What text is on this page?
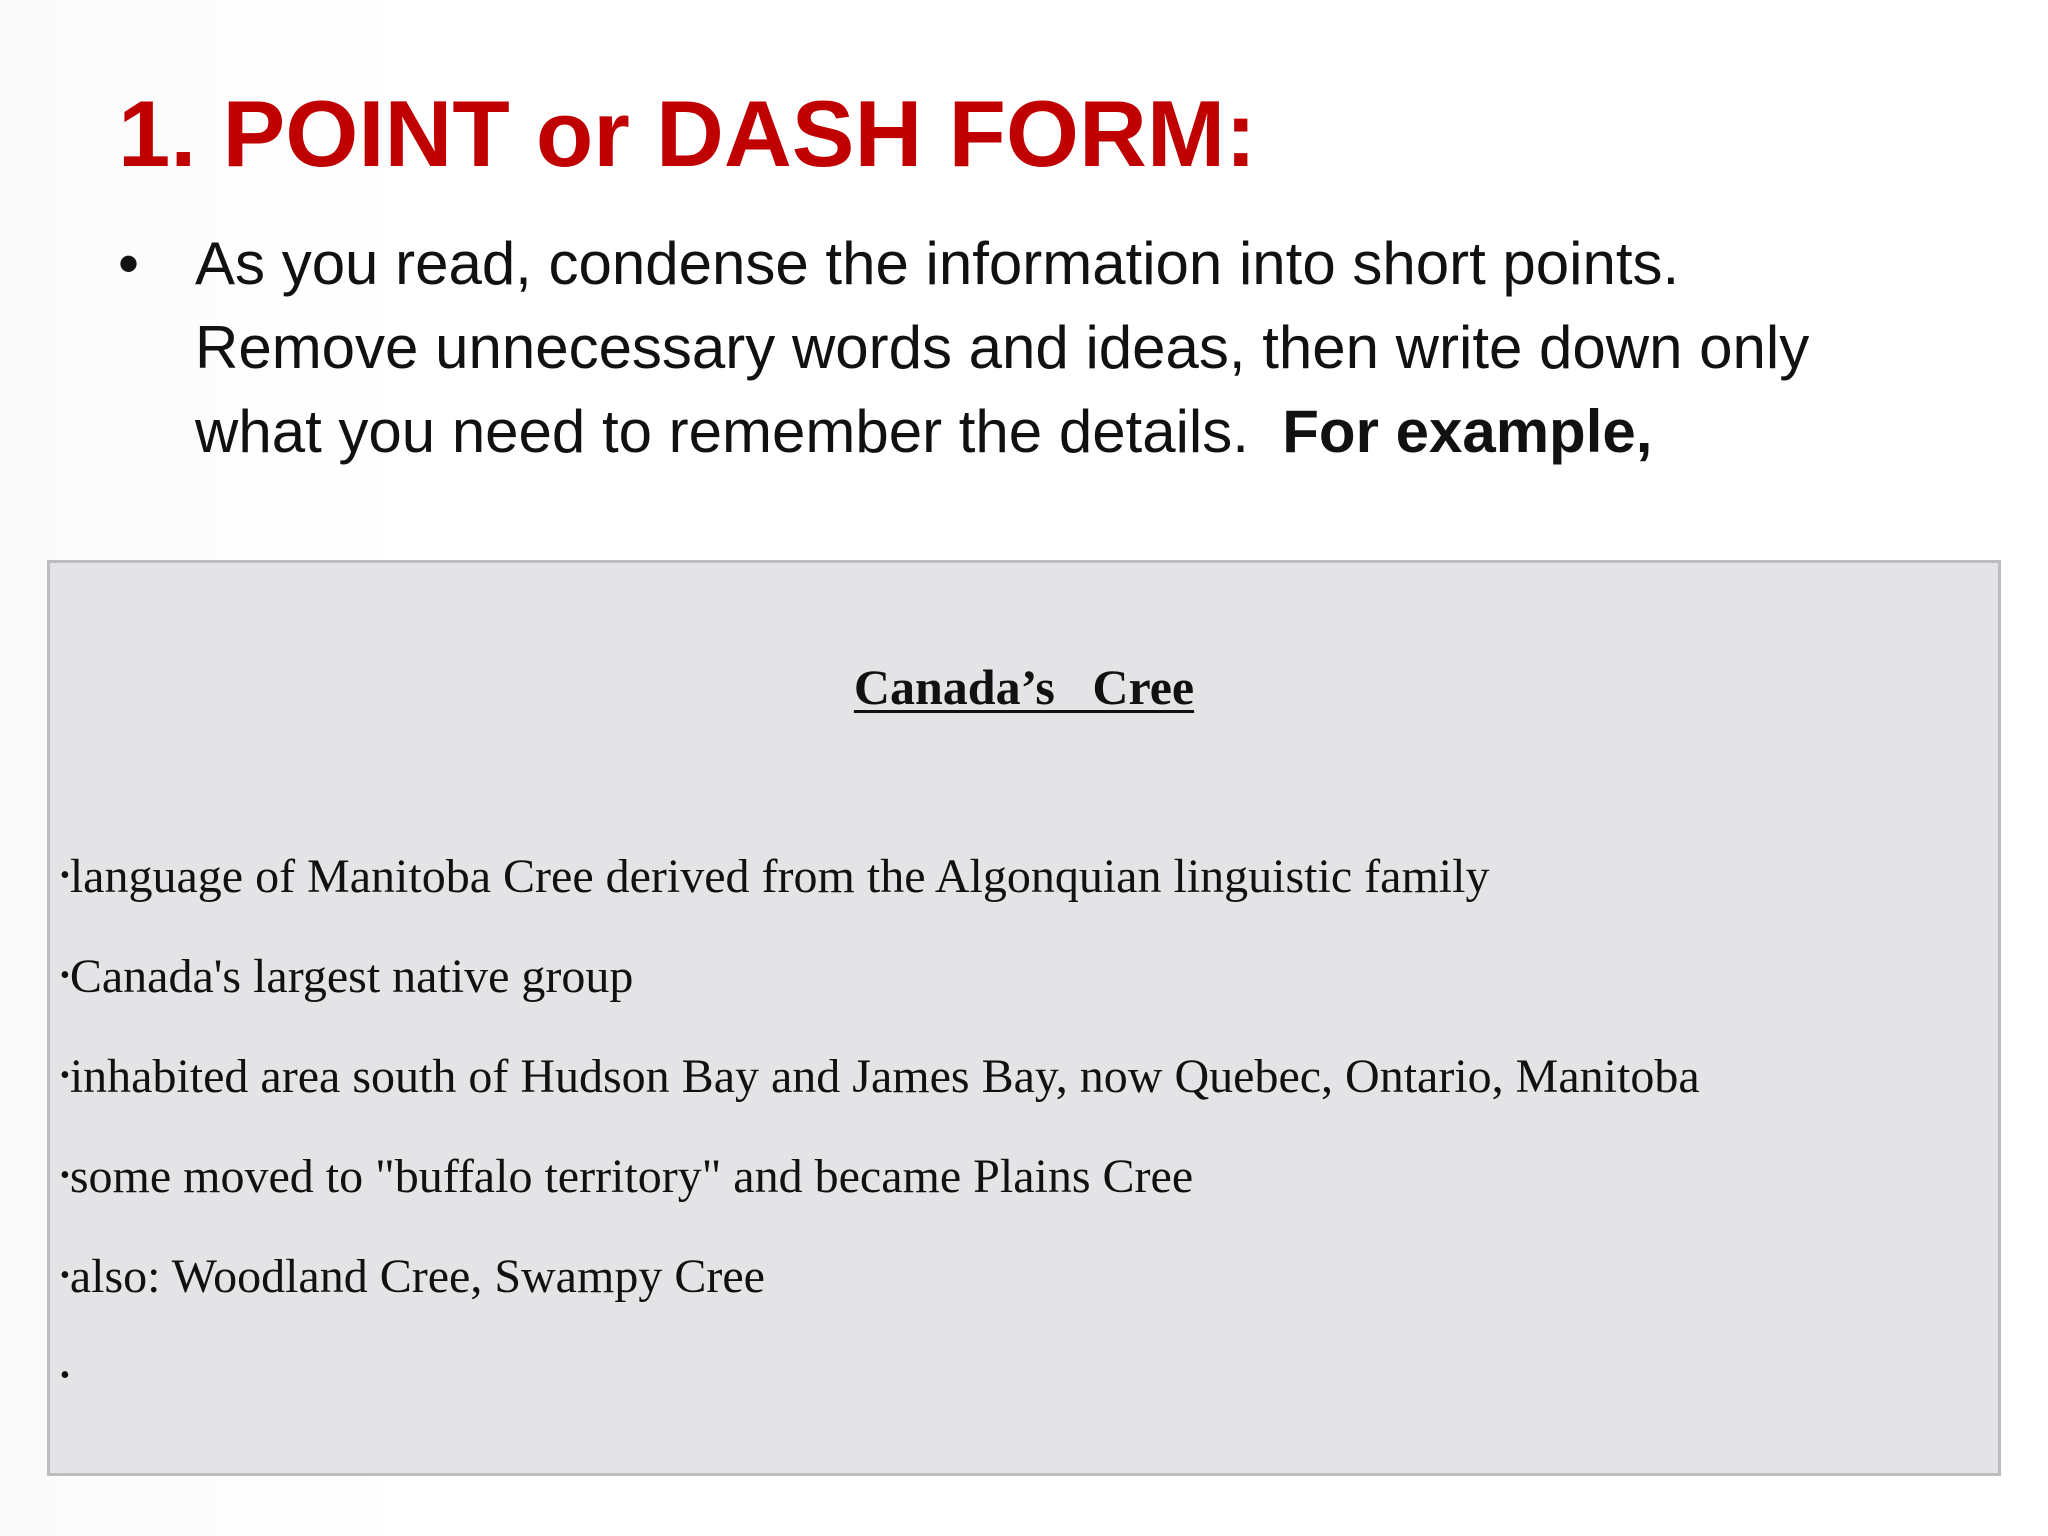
1. POINT or DASH FORM:
• As you read, condense the information into short points.
Remove unnecessary words and ideas, then write down only
what you need to remember the details.  For example,
Canada’s   Cree
•language of Manitoba Cree derived from the Algonquian linguistic family
•Canada's largest native group
•inhabited area south of Hudson Bay and James Bay, now Quebec, Ontario, Manitoba
•some moved to "buffalo territory" and became Plains Cree
•also: Woodland Cree, Swampy Cree
•
